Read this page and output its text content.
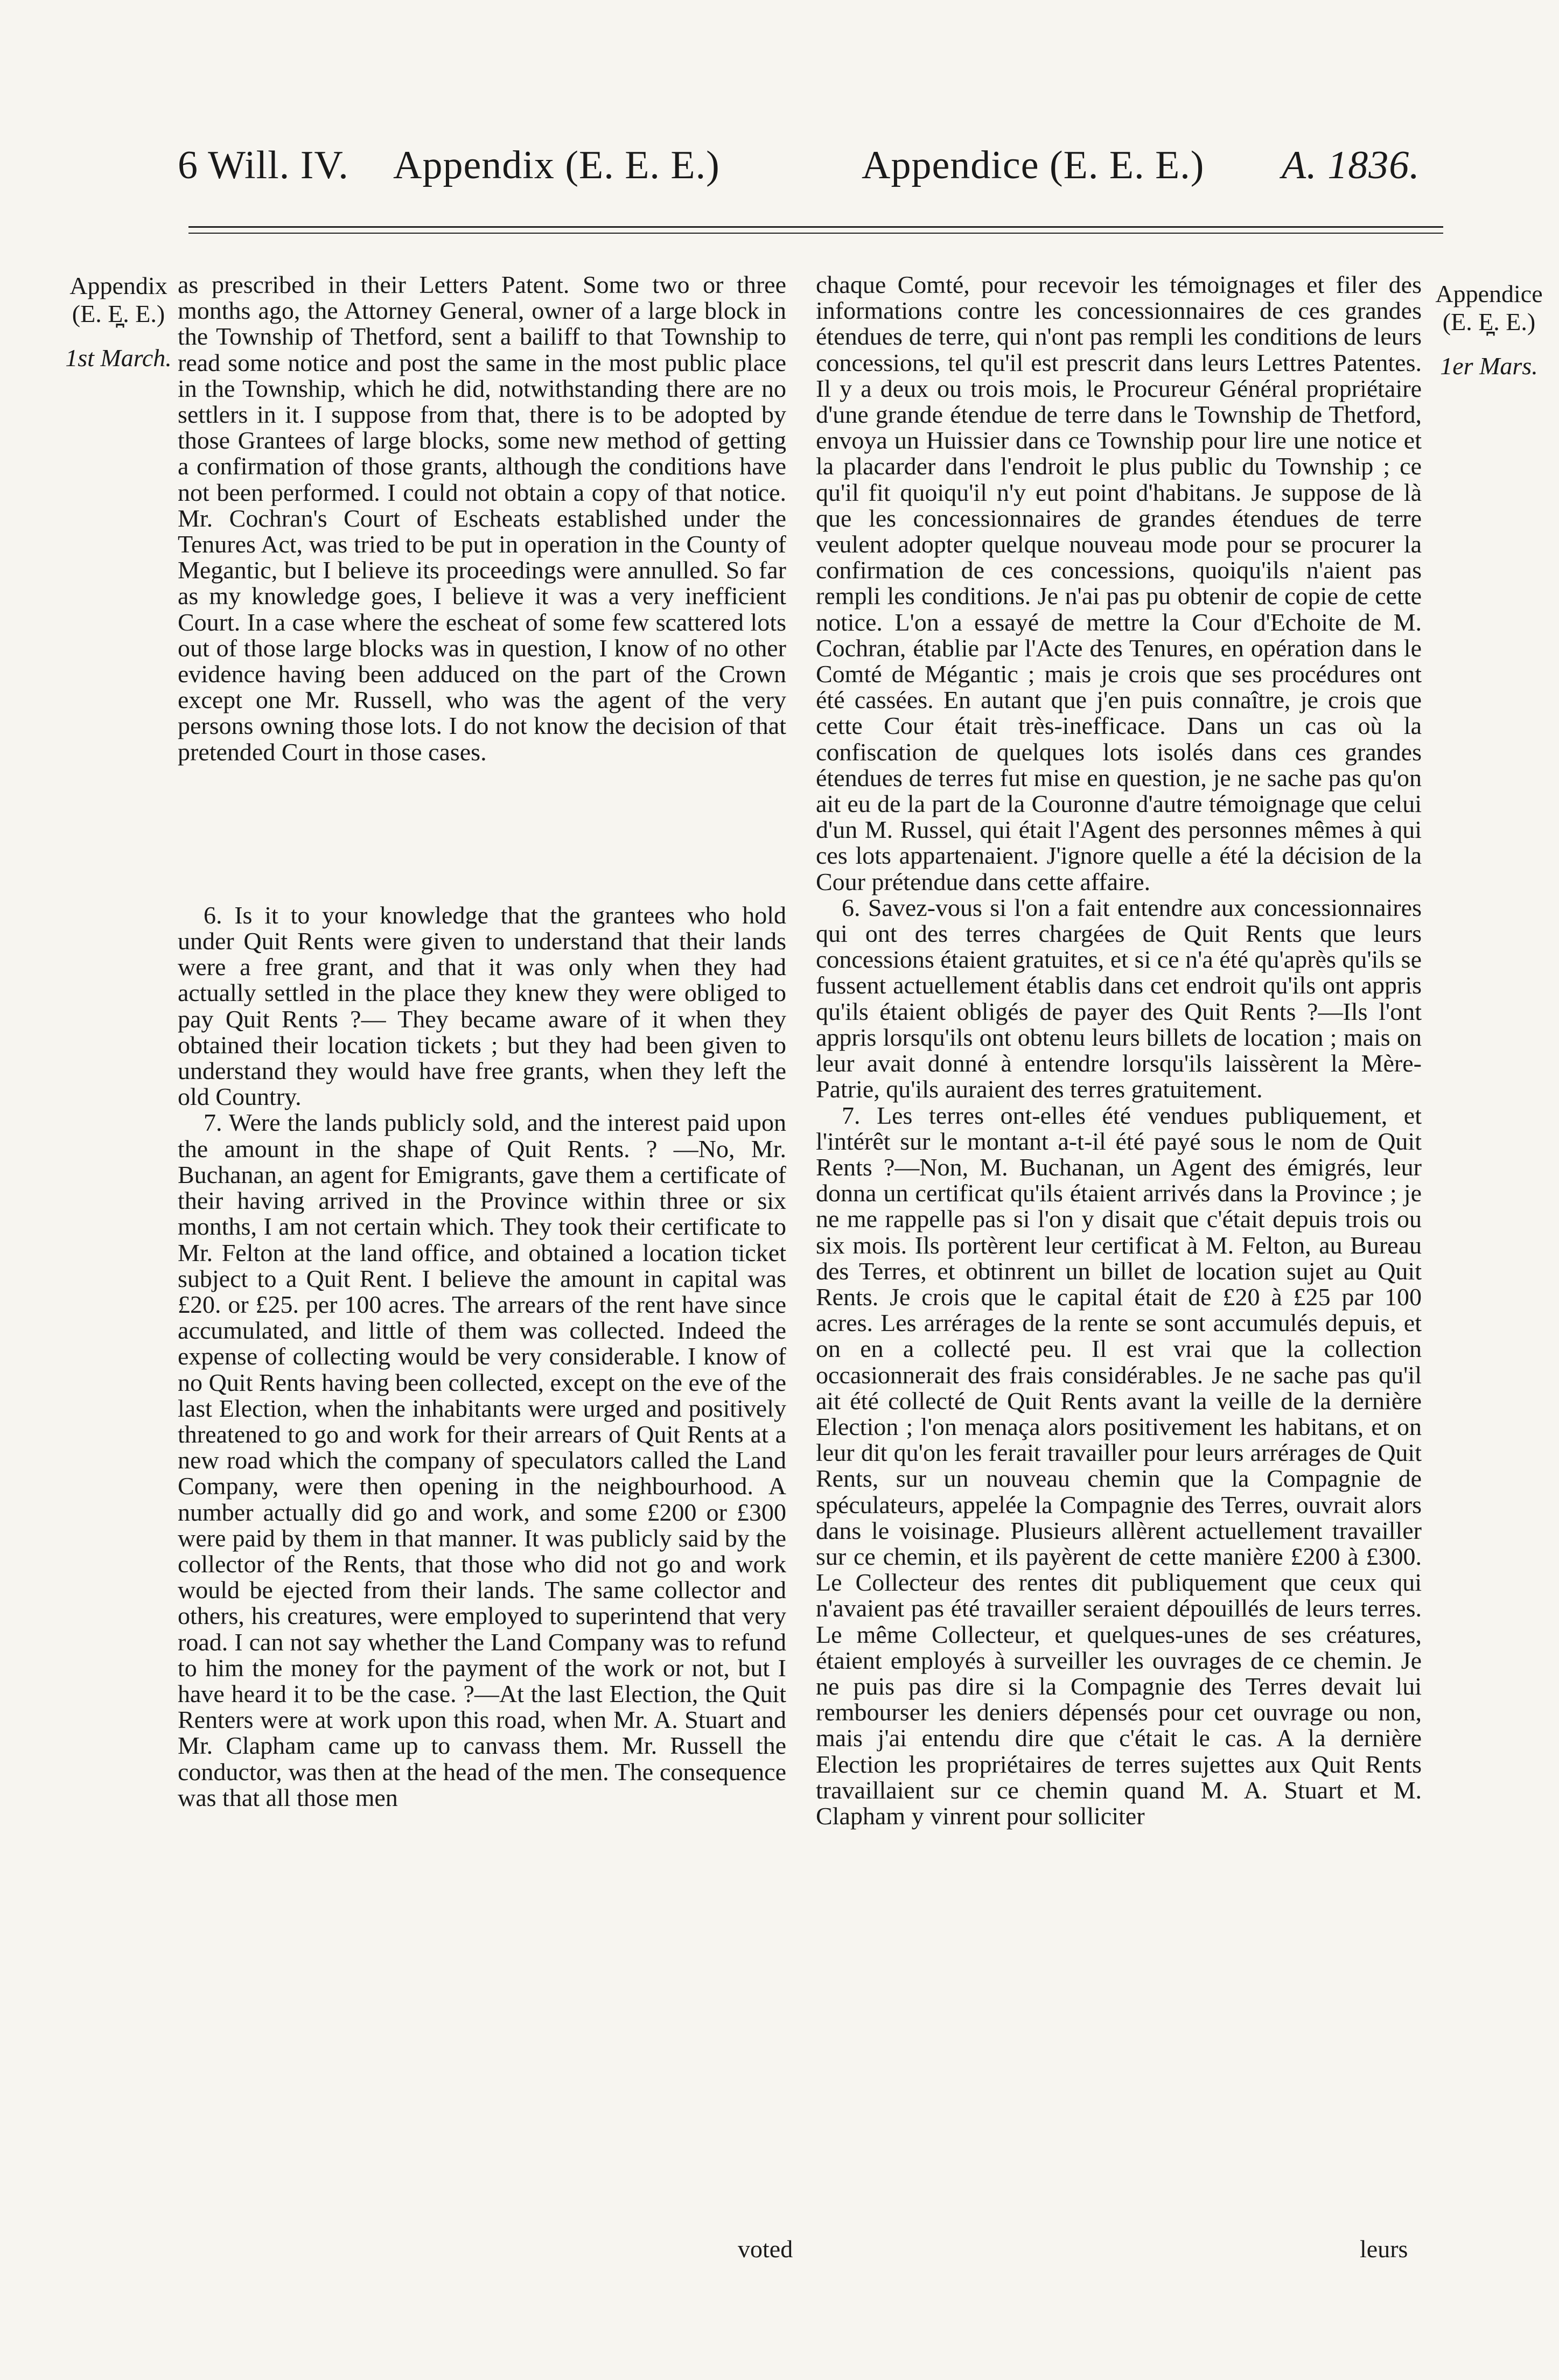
6 Will. IV. Appendix (E. E. E.)	Appendice (E. E. E.) A. 1836.
Appendix
(E. E. E.)
⎴
1st March.
Appendice
(E. E. E.)
⎴
1er Mars.

as prescribed in their Letters Patent. Some two or three months ago, the Attorney General, owner of a large block in the Township of Thetford, sent a bailiff to that Township to read some notice and post the same in the most public place in the Township, which he did, notwithstanding there are no settlers in it. I suppose from that, there is to be adopted by those Grantees of large blocks, some new method of getting a confirmation of those grants, although the conditions have not been performed. I could not obtain a copy of that notice. Mr. Cochran's Court of Escheats established under the Tenures Act, was tried to be put in operation in the County of Megantic, but I believe its proceedings were annulled. So far as my knowledge goes, I believe it was a very inefficient Court. In a case where the escheat of some few scattered lots out of those large blocks was in question, I know of no other evidence having been adduced on the part of the Crown except one Mr. Russell, who was the agent of the very persons owning those lots. I do not know the decision of that pretended Court in those cases.

6. Is it to your knowledge that the grantees who hold under Quit Rents were given to understand that their lands were a free grant, and that it was only when they had actually settled in the place they knew they were obliged to pay Quit Rents ?— They became aware of it when they obtained their location tickets ; but they had been given to understand they would have free grants, when they left the old Country.

7. Were the lands publicly sold, and the interest paid upon the amount in the shape of Quit Rents. ? —No, Mr. Buchanan, an agent for Emigrants, gave them a certificate of their having arrived in the Province within three or six months, I am not certain which. They took their certificate to Mr. Felton at the land office, and obtained a location ticket subject to a Quit Rent. I believe the amount in capital was £20. or £25. per 100 acres. The arrears of the rent have since accumulated, and little of them was collected. Indeed the expense of collecting would be very considerable. I know of no Quit Rents having been collected, except on the eve of the last Election, when the inhabitants were urged and positively threatened to go and work for their arrears of Quit Rents at a new road which the company of speculators called the Land Company, were then opening in the neighbourhood. A number actually did go and work, and some £200 or £300 were paid by them in that manner. It was publicly said by the collector of the Rents, that those who did not go and work would be ejected from their lands. The same collector and others, his creatures, were employed to superintend that very road. I can not say whether the Land Company was to refund to him the money for the payment of the work or not, but I have heard it to be the case. ?—At the last Election, the Quit Renters were at work upon this road, when Mr. A. Stuart and Mr. Clapham came up to canvass them. Mr. Russell the conductor, was then at the head of the men. The consequence was that all those men

voted

chaque Comté, pour recevoir les témoignages et filer des informations contre les concessionnaires de ces grandes étendues de terre, qui n'ont pas rempli les conditions de leurs concessions, tel qu'il est prescrit dans leurs Lettres Patentes. Il y a deux ou trois mois, le Procureur Général propriétaire d'une grande étendue de terre dans le Township de Thetford, envoya un Huissier dans ce Township pour lire une notice et la placarder dans l'endroit le plus public du Township ; ce qu'il fit quoiqu'il n'y eut point d'habitans. Je suppose de là que les concessionnaires de grandes étendues de terre veulent adopter quelque nouveau mode pour se procurer la confirmation de ces concessions, quoiqu'ils n'aient pas rempli les conditions. Je n'ai pas pu obtenir de copie de cette notice. L'on a essayé de mettre la Cour d'Echoite de M. Cochran, établie par l'Acte des Tenures, en opération dans le Comté de Mégantic ; mais je crois que ses procédures ont été cassées. En autant que j'en puis connaître, je crois que cette Cour était très-inefficace. Dans un cas où la confiscation de quelques lots isolés dans ces grandes étendues de terres fut mise en question, je ne sache pas qu'on ait eu de la part de la Couronne d'autre témoignage que celui d'un M. Russel, qui était l'Agent des personnes mêmes à qui ces lots appartenaient. J'ignore quelle a été la décision de la Cour prétendue dans cette affaire.

6. Savez-vous si l'on a fait entendre aux concessionnaires qui ont des terres chargées de Quit Rents que leurs concessions étaient gratuites, et si ce n'a été qu'après qu'ils se fussent actuellement établis dans cet endroit qu'ils ont appris qu'ils étaient obligés de payer des Quit Rents ?—Ils l'ont appris lorsqu'ils ont obtenu leurs billets de location ; mais on leur avait donné à entendre lorsqu'ils laissèrent la Mère-Patrie, qu'ils auraient des terres gratuitement.

7. Les terres ont-elles été vendues publiquement, et l'intérêt sur le montant a-t-il été payé sous le nom de Quit Rents ?—Non, M. Buchanan, un Agent des émigrés, leur donna un certificat qu'ils étaient arrivés dans la Province ; je ne me rappelle pas si l'on y disait que c'était depuis trois ou six mois. Ils portèrent leur certificat à M. Felton, au Bureau des Terres, et obtinrent un billet de location sujet au Quit Rents. Je crois que le capital était de £20 à £25 par 100 acres. Les arrérages de la rente se sont accumulés depuis, et on en a collecté peu. Il est vrai que la collection occasionnerait des frais considérables. Je ne sache pas qu'il ait été collecté de Quit Rents avant la veille de la dernière Election ; l'on menaça alors positivement les habitans, et on leur dit qu'on les ferait travailler pour leurs arrérages de Quit Rents, sur un nouveau chemin que la Compagnie de spéculateurs, appelée la Compagnie des Terres, ouvrait alors dans le voisinage. Plusieurs allèrent actuellement travailler sur ce chemin, et ils payèrent de cette manière £200 à £300. Le Collecteur des rentes dit publiquement que ceux qui n'avaient pas été travailler seraient dépouillés de leurs terres. Le même Collecteur, et quelques-unes de ses créatures, étaient employés à surveiller les ouvrages de ce chemin. Je ne puis pas dire si la Compagnie des Terres devait lui rembourser les deniers dépensés pour cet ouvrage ou non, mais j'ai entendu dire que c'était le cas. A la dernière Election les propriétaires de terres sujettes aux Quit Rents travaillaient sur ce chemin quand M. A. Stuart et M. Clapham y vinrent pour solliciter

leurs
